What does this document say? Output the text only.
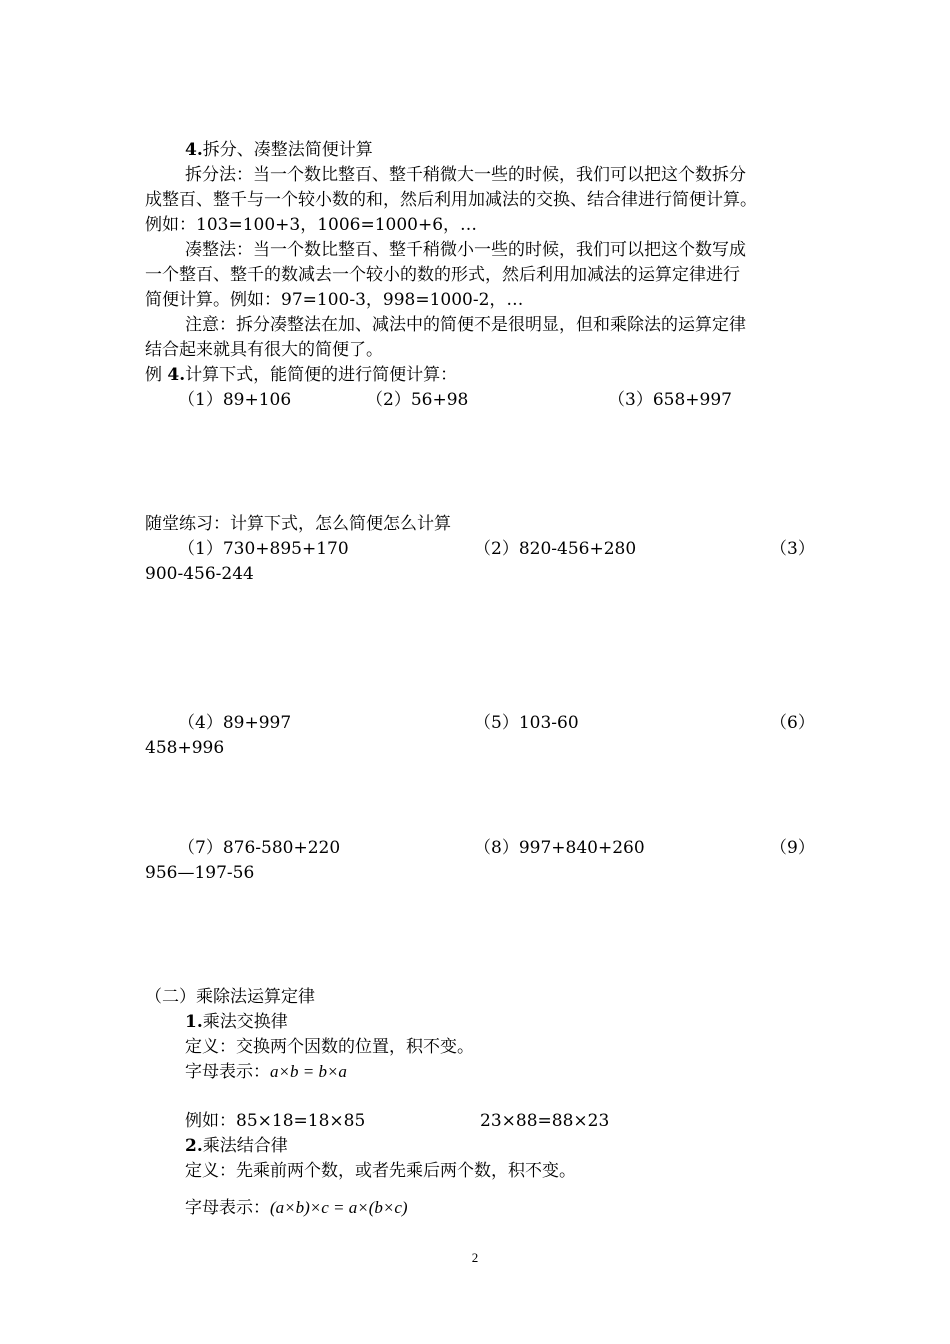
4.拆分、凑整法简便计算
拆分法：当一个数比整百、整千稍微大一些的时候，我们可以把这个数拆分
成整百、整千与一个较小数的和，然后利用加减法的交换、结合律进行简便计算。
例如：103=100+3，1006=1000+6，…
凑整法：当一个数比整百、整千稍微小一些的时候，我们可以把这个数写成
一个整百、整千的数减去一个较小的数的形式，然后利用加减法的运算定律进行
简便计算。例如：97=100-3，998=1000-2，…
注意：拆分凑整法在加、减法中的简便不是很明显，但和乘除法的运算定律
结合起来就具有很大的简便了。
例 4.计算下式，能简便的进行简便计算：
（1）89+106	（2）56+98	（3）658+997
随堂练习：计算下式，怎么简便怎么计算
（1）730+895+170	（2）820-456+280	（3）
900-456-244
（4）89+997	（5）103-60	（6）
458+996
（7）876-580+220	（8）997+840+260	（9）
956—197-56
（二）乘除法运算定律
1.乘法交换律
定义：交换两个因数的位置，积不变。
字母表示：a×b = b×a
例如：85×18=18×85	23×88=88×23
2.乘法结合律
定义：先乘前两个数，或者先乘后两个数，积不变。
字母表示：(a×b)×c = a×(b×c)
2
